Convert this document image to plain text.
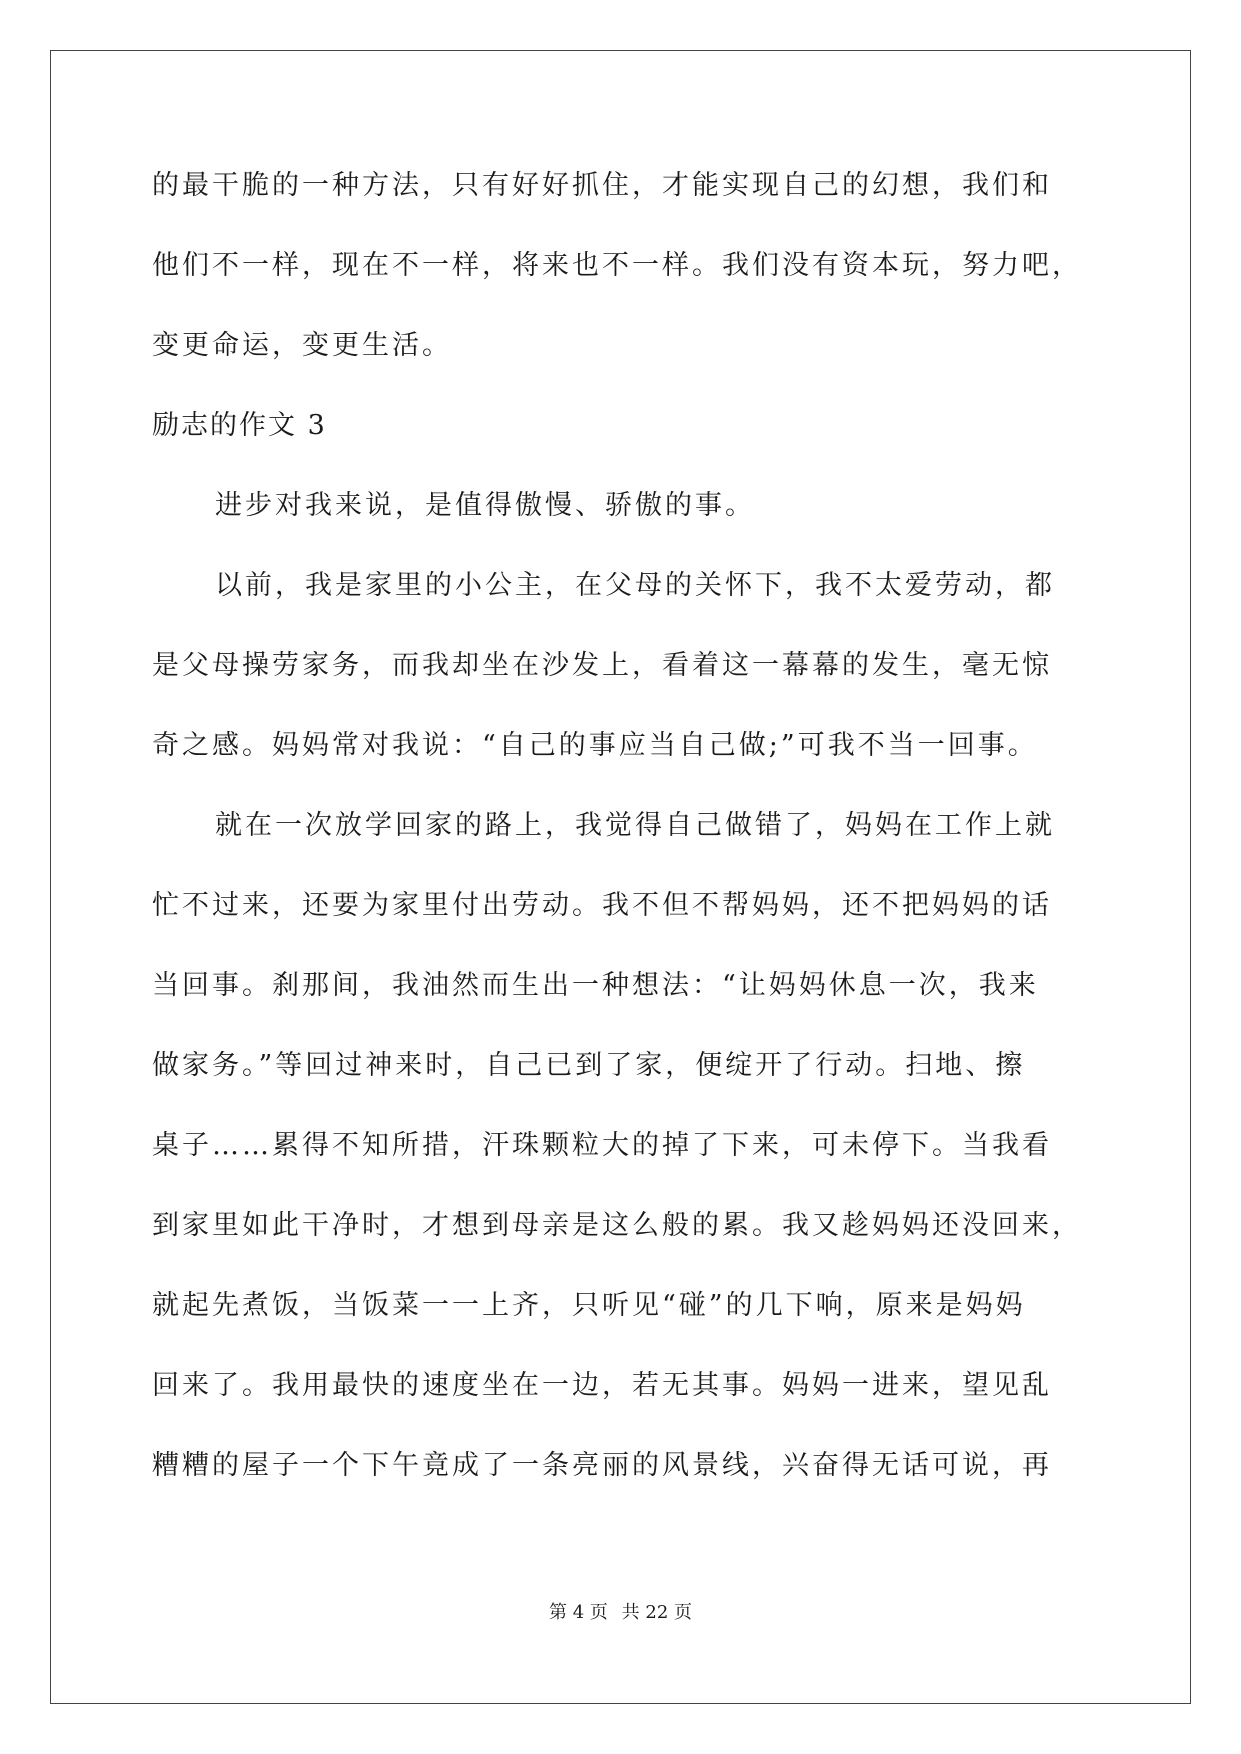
的最干脆的一种方法，只有好好抓住，才能实现自己的幻想，我们和
他们不一样，现在不一样，将来也不一样。我们没有资本玩，努力吧，
变更命运，变更生活。
励志的作文 3
进步对我来说，是值得傲慢、骄傲的事。
以前，我是家里的小公主，在父母的关怀下，我不太爱劳动，都
是父母操劳家务，而我却坐在沙发上，看着这一幕幕的发生，毫无惊
奇之感。妈妈常对我说：“自己的事应当自己做;”可我不当一回事。
就在一次放学回家的路上，我觉得自己做错了，妈妈在工作上就
忙不过来，还要为家里付出劳动。我不但不帮妈妈，还不把妈妈的话
当回事。刹那间，我油然而生出一种想法：“让妈妈休息一次，我来
做家务。”等回过神来时，自己已到了家，便绽开了行动。扫地、擦
桌子……累得不知所措，汗珠颗粒大的掉了下来，可未停下。当我看
到家里如此干净时，才想到母亲是这么般的累。我又趁妈妈还没回来，
就起先煮饭，当饭菜一一上齐，只听见“碰”的几下响，原来是妈妈
回来了。我用最快的速度坐在一边，若无其事。妈妈一进来，望见乱
糟糟的屋子一个下午竟成了一条亮丽的风景线，兴奋得无话可说，再
第 4 页 共 22 页
